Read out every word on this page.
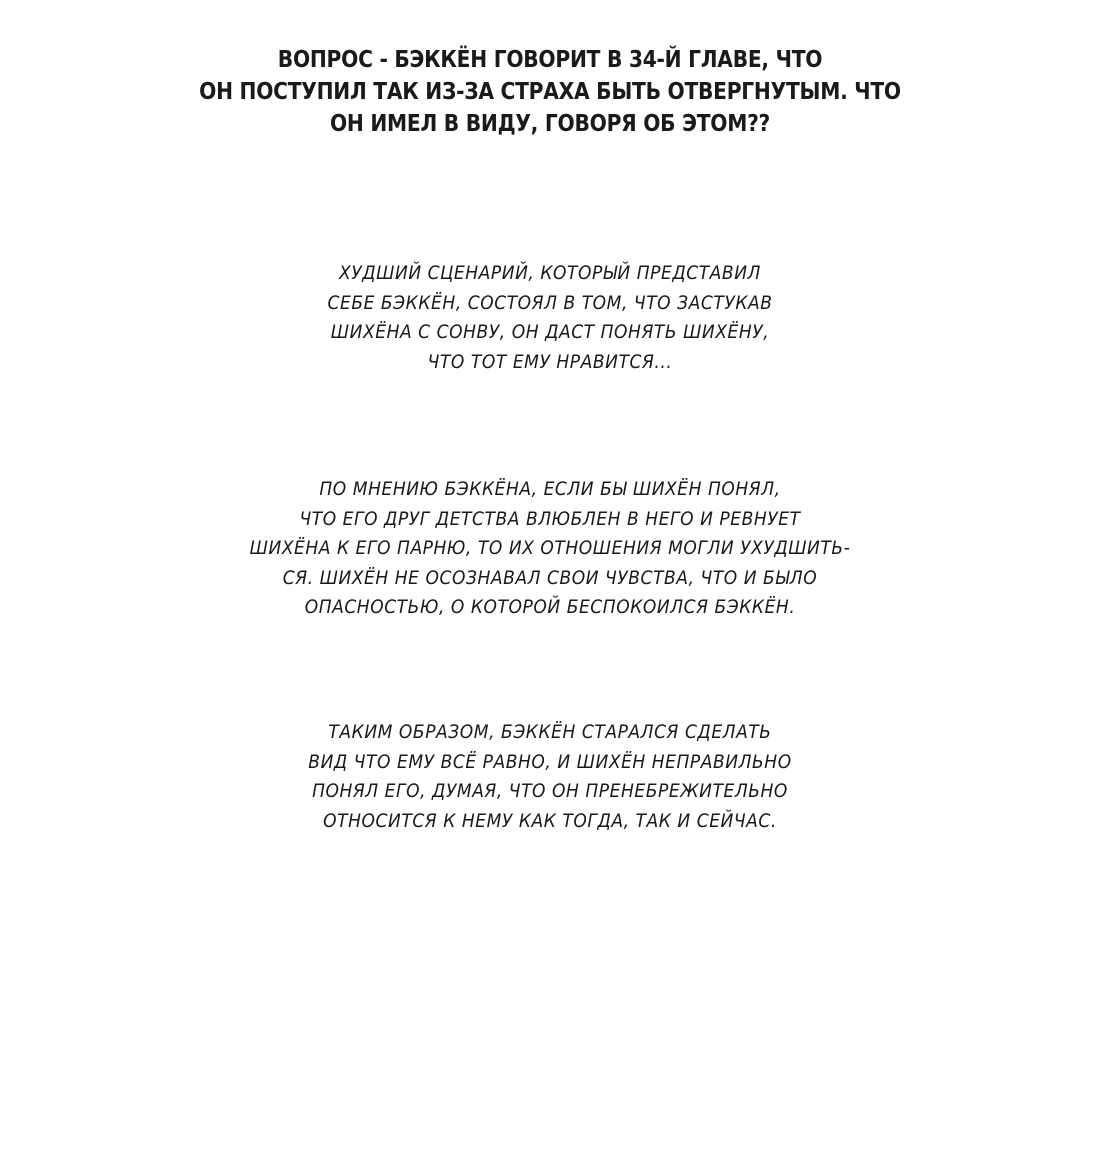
ВОПРОС - БЭККЁН ГОВОРИТ В 34-Й ГЛАВЕ, ЧТО
ОН ПОСТУПИЛ ТАК ИЗ-ЗА СТРАХА БЫТЬ ОТВЕРГНУТЫМ. ЧТО
ОН ИМЕЛ В ВИДУ, ГОВОРЯ ОБ ЭТОМ??
ХУДШИЙ СЦЕНАРИЙ, КОТОРЫЙ ПРЕДСТАВИЛ
СЕБЕ БЭККЁН, СОСТОЯЛ В ТОМ, ЧТО ЗАСТУКАВ
ШИХЁНА С СОНВУ, ОН ДАСТ ПОНЯТЬ ШИХЁНУ,
ЧТО ТОТ ЕМУ НРАВИТСЯ...
ПО МНЕНИЮ БЭККЁНА, ЕСЛИ БЫ ШИХЁН ПОНЯЛ,
ЧТО ЕГО ДРУГ ДЕТСТВА ВЛЮБЛЕН В НЕГО И РЕВНУЕТ
ШИХЁНА К ЕГО ПАРНЮ, ТО ИХ ОТНОШЕНИЯ МОГЛИ УХУДШИТЬ-
СЯ. ШИХЁН НЕ ОСОЗНАВАЛ СВОИ ЧУВСТВА, ЧТО И БЫЛО
ОПАСНОСТЬЮ, О КОТОРОЙ БЕСПОКОИЛСЯ БЭККЁН.
ТАКИМ ОБРАЗОМ, БЭККЁН СТАРАЛСЯ СДЕЛАТЬ
ВИД ЧТО ЕМУ ВСЁ РАВНО, И ШИХЁН НЕПРАВИЛЬНО
ПОНЯЛ ЕГО, ДУМАЯ, ЧТО ОН ПРЕНЕБРЕЖИТЕЛЬНО
ОТНОСИТСЯ К НЕМУ КАК ТОГДА, ТАК И СЕЙЧАС.
